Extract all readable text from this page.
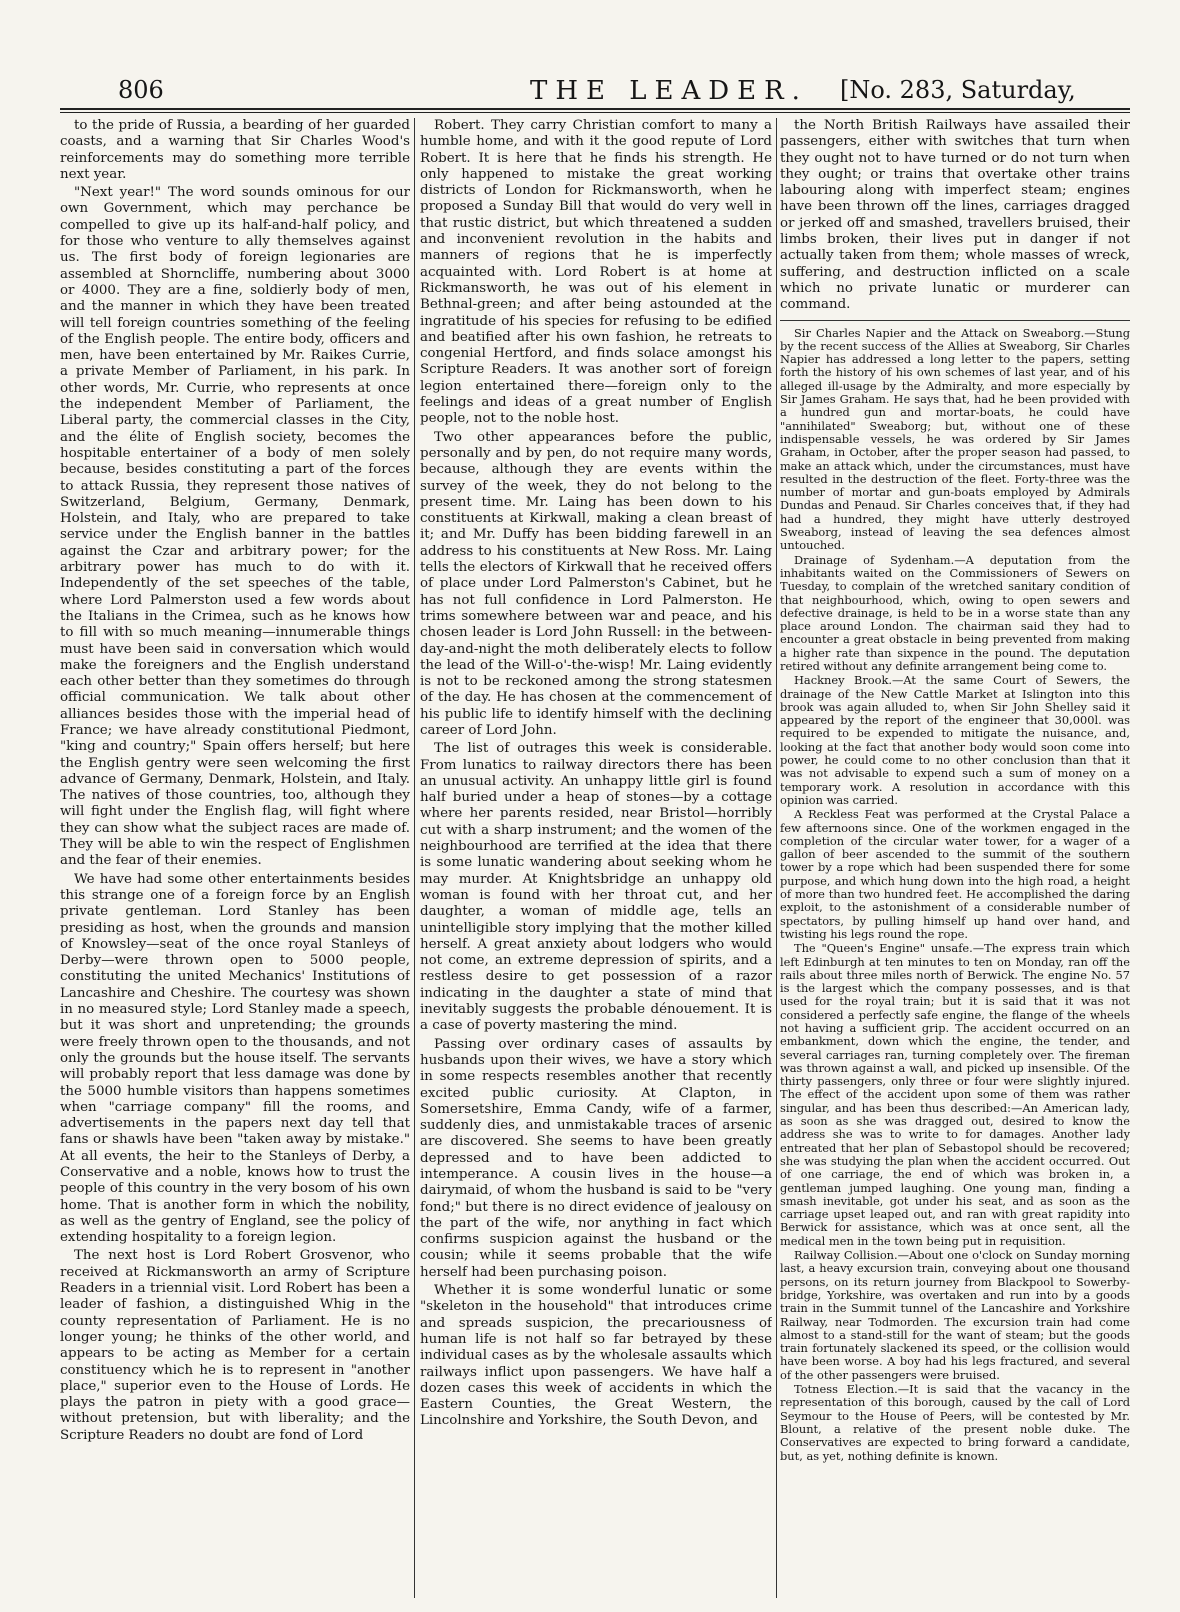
806	THE LEADER. [No. 283, Saturday,

to the pride of Russia, a bearding of her guarded coasts, and a warning that Sir Charles Wood's reinforcements may do something more terrible next year.

"Next year!" The word sounds ominous for our own Government, which may perchance be compelled to give up its half-and-half policy, and for those who venture to ally themselves against us. The first body of foreign legionaries are assembled at Shorncliffe, numbering about 3000 or 4000. They are a fine, soldierly body of men, and the manner in which they have been treated will tell foreign countries something of the feeling of the English people. The entire body, officers and men, have been entertained by Mr. Raikes Currie, a private Member of Parliament, in his park. In other words, Mr. Currie, who represents at once the independent Member of Parliament, the Liberal party, the commercial classes in the City, and the élite of English society, becomes the hospitable entertainer of a body of men solely because, besides constituting a part of the forces to attack Russia, they represent those natives of Switzerland, Belgium, Germany, Denmark, Holstein, and Italy, who are prepared to take service under the English banner in the battles against the Czar and arbitrary power; for the arbitrary power has much to do with it. Independently of the set speeches of the table, where Lord Palmerston used a few words about the Italians in the Crimea, such as he knows how to fill with so much meaning—innumerable things must have been said in conversation which would make the foreigners and the English understand each other better than they sometimes do through official communication. We talk about other alliances besides those with the imperial head of France; we have already constitutional Piedmont, "king and country;" Spain offers herself; but here the English gentry were seen welcoming the first advance of Germany, Denmark, Holstein, and Italy. The natives of those countries, too, although they will fight under the English flag, will fight where they can show what the subject races are made of. They will be able to win the respect of Englishmen and the fear of their enemies.

We have had some other entertainments besides this strange one of a foreign force by an English private gentleman. Lord Stanley has been presiding as host, when the grounds and mansion of Knowsley—seat of the once royal Stanleys of Derby—were thrown open to 5000 people, constituting the united Mechanics' Institutions of Lancashire and Cheshire. The courtesy was shown in no measured style; Lord Stanley made a speech, but it was short and unpretending; the grounds were freely thrown open to the thousands, and not only the grounds but the house itself. The servants will probably report that less damage was done by the 5000 humble visitors than happens sometimes when "carriage company" fill the rooms, and advertisements in the papers next day tell that fans or shawls have been "taken away by mistake." At all events, the heir to the Stanleys of Derby, a Conservative and a noble, knows how to trust the people of this country in the very bosom of his own home. That is another form in which the nobility, as well as the gentry of England, see the policy of extending hospitality to a foreign legion.

The next host is Lord Robert Grosvenor, who received at Rickmansworth an army of Scripture Readers in a triennial visit. Lord Robert has been a leader of fashion, a distinguished Whig in the county representation of Parliament. He is no longer young; he thinks of the other world, and appears to be acting as Member for a certain constituency which he is to represent in "another place," superior even to the House of Lords. He plays the patron in piety with a good grace—without pretension, but with liberality; and the Scripture Readers no doubt are fond of Lord

Robert. They carry Christian comfort to many a humble home, and with it the good repute of Lord Robert. It is here that he finds his strength. He only happened to mistake the great working districts of London for Rickmansworth, when he proposed a Sunday Bill that would do very well in that rustic district, but which threatened a sudden and inconvenient revolution in the habits and manners of regions that he is imperfectly acquainted with. Lord Robert is at home at Rickmansworth, he was out of his element in Bethnal-green; and after being astounded at the ingratitude of his species for refusing to be edified and beatified after his own fashion, he retreats to congenial Hertford, and finds solace amongst his Scripture Readers. It was another sort of foreign legion entertained there—foreign only to the feelings and ideas of a great number of English people, not to the noble host.

Two other appearances before the public, personally and by pen, do not require many words, because, although they are events within the survey of the week, they do not belong to the present time. Mr. Laing has been down to his constituents at Kirkwall, making a clean breast of it; and Mr. Duffy has been bidding farewell in an address to his constituents at New Ross. Mr. Laing tells the electors of Kirkwall that he received offers of place under Lord Palmerston's Cabinet, but he has not full confidence in Lord Palmerston. He trims somewhere between war and peace, and his chosen leader is Lord John Russell: in the between-day-and-night the moth deliberately elects to follow the lead of the Will-o'-the-wisp! Mr. Laing evidently is not to be reckoned among the strong statesmen of the day. He has chosen at the commencement of his public life to identify himself with the declining career of Lord John.

The list of outrages this week is considerable. From lunatics to railway directors there has been an unusual activity. An unhappy little girl is found half buried under a heap of stones—by a cottage where her parents resided, near Bristol—horribly cut with a sharp instrument; and the women of the neighbourhood are terrified at the idea that there is some lunatic wandering about seeking whom he may murder. At Knightsbridge an unhappy old woman is found with her throat cut, and her daughter, a woman of middle age, tells an unintelligible story implying that the mother killed herself. A great anxiety about lodgers who would not come, an extreme depression of spirits, and a restless desire to get possession of a razor indicating in the daughter a state of mind that inevitably suggests the probable dénouement. It is a case of poverty mastering the mind.

Passing over ordinary cases of assaults by husbands upon their wives, we have a story which in some respects resembles another that recently excited public curiosity. At Clapton, in Somersetshire, Emma Candy, wife of a farmer, suddenly dies, and unmistakable traces of arsenic are discovered. She seems to have been greatly depressed and to have been addicted to intemperance. A cousin lives in the house—a dairymaid, of whom the husband is said to be "very fond;" but there is no direct evidence of jealousy on the part of the wife, nor anything in fact which confirms suspicion against the husband or the cousin; while it seems probable that the wife herself had been purchasing poison.

Whether it is some wonderful lunatic or some "skeleton in the household" that introduces crime and spreads suspicion, the precariousness of human life is not half so far betrayed by these individual cases as by the wholesale assaults which railways inflict upon passengers. We have half a dozen cases this week of accidents in which the Eastern Counties, the Great Western, the Lincolnshire and Yorkshire, the South Devon, and

the North British Railways have assailed their passengers, either with switches that turn when they ought not to have turned or do not turn when they ought; or trains that overtake other trains labouring along with imperfect steam; engines have been thrown off the lines, carriages dragged or jerked off and smashed, travellers bruised, their limbs broken, their lives put in danger if not actually taken from them; whole masses of wreck, suffering, and destruction inflicted on a scale which no private lunatic or murderer can command.

Sir Charles Napier and the Attack on Sweaborg.—Stung by the recent success of the Allies at Sweaborg, Sir Charles Napier has addressed a long letter to the papers, setting forth the history of his own schemes of last year, and of his alleged ill-usage by the Admiralty, and more especially by Sir James Graham. He says that, had he been provided with a hundred gun and mortar-boats, he could have "annihilated" Sweaborg; but, without one of these indispensable vessels, he was ordered by Sir James Graham, in October, after the proper season had passed, to make an attack which, under the circumstances, must have resulted in the destruction of the fleet. Forty-three was the number of mortar and gun-boats employed by Admirals Dundas and Penaud. Sir Charles conceives that, if they had had a hundred, they might have utterly destroyed Sweaborg, instead of leaving the sea defences almost untouched.

Drainage of Sydenham.—A deputation from the inhabitants waited on the Commissioners of Sewers on Tuesday, to complain of the wretched sanitary condition of that neighbourhood, which, owing to open sewers and defective drainage, is held to be in a worse state than any place around London. The chairman said they had to encounter a great obstacle in being prevented from making a higher rate than sixpence in the pound. The deputation retired without any definite arrangement being come to.

Hackney Brook.—At the same Court of Sewers, the drainage of the New Cattle Market at Islington into this brook was again alluded to, when Sir John Shelley said it appeared by the report of the engineer that 30,000l. was required to be expended to mitigate the nuisance, and, looking at the fact that another body would soon come into power, he could come to no other conclusion than that it was not advisable to expend such a sum of money on a temporary work. A resolution in accordance with this opinion was carried.

A Reckless Feat was performed at the Crystal Palace a few afternoons since. One of the workmen engaged in the completion of the circular water tower, for a wager of a gallon of beer ascended to the summit of the southern tower by a rope which had been suspended there for some purpose, and which hung down into the high road, a height of more than two hundred feet. He accomplished the daring exploit, to the astonishment of a considerable number of spectators, by pulling himself up hand over hand, and twisting his legs round the rope.

The "Queen's Engine" unsafe.—The express train which left Edinburgh at ten minutes to ten on Monday, ran off the rails about three miles north of Berwick. The engine No. 57 is the largest which the company possesses, and is that used for the royal train; but it is said that it was not considered a perfectly safe engine, the flange of the wheels not having a sufficient grip. The accident occurred on an embankment, down which the engine, the tender, and several carriages ran, turning completely over. The fireman was thrown against a wall, and picked up insensible. Of the thirty passengers, only three or four were slightly injured. The effect of the accident upon some of them was rather singular, and has been thus described:—An American lady, as soon as she was dragged out, desired to know the address she was to write to for damages. Another lady entreated that her plan of Sebastopol should be recovered; she was studying the plan when the accident occurred. Out of one carriage, the end of which was broken in, a gentleman jumped laughing. One young man, finding a smash inevitable, got under his seat, and as soon as the carriage upset leaped out, and ran with great rapidity into Berwick for assistance, which was at once sent, all the medical men in the town being put in requisition.

Railway Collision.—About one o'clock on Sunday morning last, a heavy excursion train, conveying about one thousand persons, on its return journey from Blackpool to Sowerby-bridge, Yorkshire, was overtaken and run into by a goods train in the Summit tunnel of the Lancashire and Yorkshire Railway, near Todmorden. The excursion train had come almost to a stand-still for the want of steam; but the goods train fortunately slackened its speed, or the collision would have been worse. A boy had his legs fractured, and several of the other passengers were bruised.

Totness Election.—It is said that the vacancy in the representation of this borough, caused by the call of Lord Seymour to the House of Peers, will be contested by Mr. Blount, a relative of the present noble duke. The Conservatives are expected to bring forward a candidate, but, as yet, nothing definite is known.
